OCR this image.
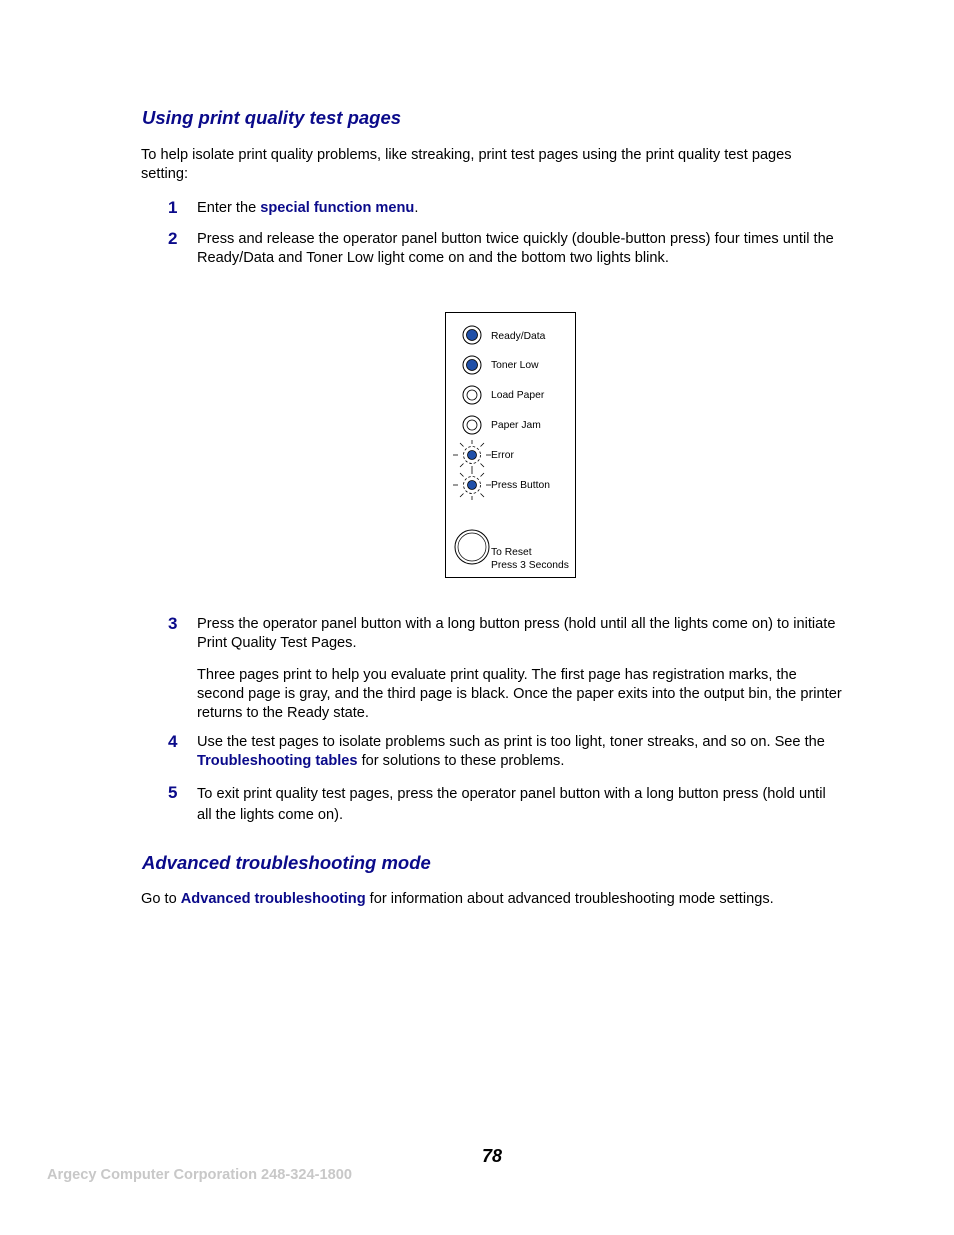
Using print quality test pages

To help isolate print quality problems, like streaking, print test pages using the print quality test pages setting:

1 Enter the special function menu.

2 Press and release the operator panel button twice quickly (double-button press) four times until the Ready/Data and Toner Low light come on and the bottom two lights blink.

Ready/Data
Toner Low
Load Paper
Paper Jam
Error
Press Button
To Reset
Press 3 Seconds
3 Press the operator panel button with a long button press (hold until all the lights come on) to initiate Print Quality Test Pages.

Three pages print to help you evaluate print quality. The first page has registration marks, the second page is gray, and the third page is black. Once the paper exits into the output bin, the printer returns to the Ready state.

4 Use the test pages to isolate problems such as print is too light, toner streaks, and so on. See the Troubleshooting tables for solutions to these problems.

5 To exit print quality test pages, press the operator panel button with a long button press (hold until all the lights come on).

Advanced troubleshooting mode

Go to Advanced troubleshooting for information about advanced troubleshooting mode settings.

78
Argecy Computer Corporation 248-324-1800
